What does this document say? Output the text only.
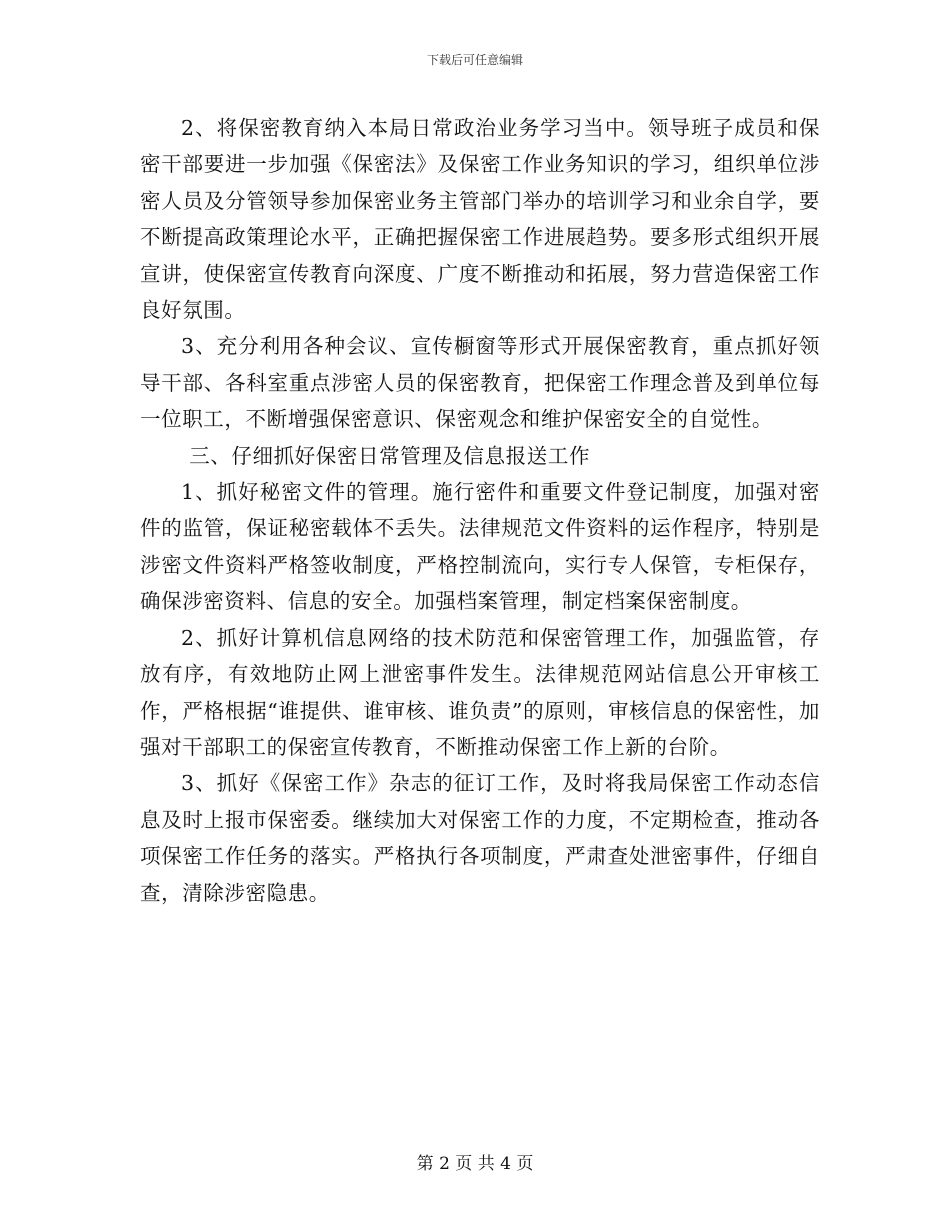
下载后可任意编辑

2、将保密教育纳入本局日常政治业务学习当中。领导班子成员和保密干部要进一步加强《保密法》及保密工作业务知识的学习，组织单位涉密人员及分管领导参加保密业务主管部门举办的培训学习和业余自学，要不断提高政策理论水平，正确把握保密工作进展趋势。要多形式组织开展宣讲，使保密宣传教育向深度、广度不断推动和拓展，努力营造保密工作良好氛围。

3、充分利用各种会议、宣传橱窗等形式开展保密教育，重点抓好领导干部、各科室重点涉密人员的保密教育，把保密工作理念普及到单位每一位职工，不断增强保密意识、保密观念和维护保密安全的自觉性。

三、仔细抓好保密日常管理及信息报送工作

1、抓好秘密文件的管理。施行密件和重要文件登记制度，加强对密件的监管，保证秘密载体不丢失。法律规范文件资料的运作程序，特别是涉密文件资料严格签收制度，严格控制流向，实行专人保管，专柜保存，确保涉密资料、信息的安全。加强档案管理，制定档案保密制度。

2、抓好计算机信息网络的技术防范和保密管理工作，加强监管，存放有序，有效地防止网上泄密事件发生。法律规范网站信息公开审核工作，严格根据“谁提供、谁审核、谁负责”的原则，审核信息的保密性，加强对干部职工的保密宣传教育，不断推动保密工作上新的台阶。

3、抓好《保密工作》杂志的征订工作，及时将我局保密工作动态信息及时上报市保密委。继续加大对保密工作的力度，不定期检查，推动各项保密工作任务的落实。严格执行各项制度，严肃查处泄密事件，仔细自查，清除涉密隐患。

第 2 页 共 4 页
